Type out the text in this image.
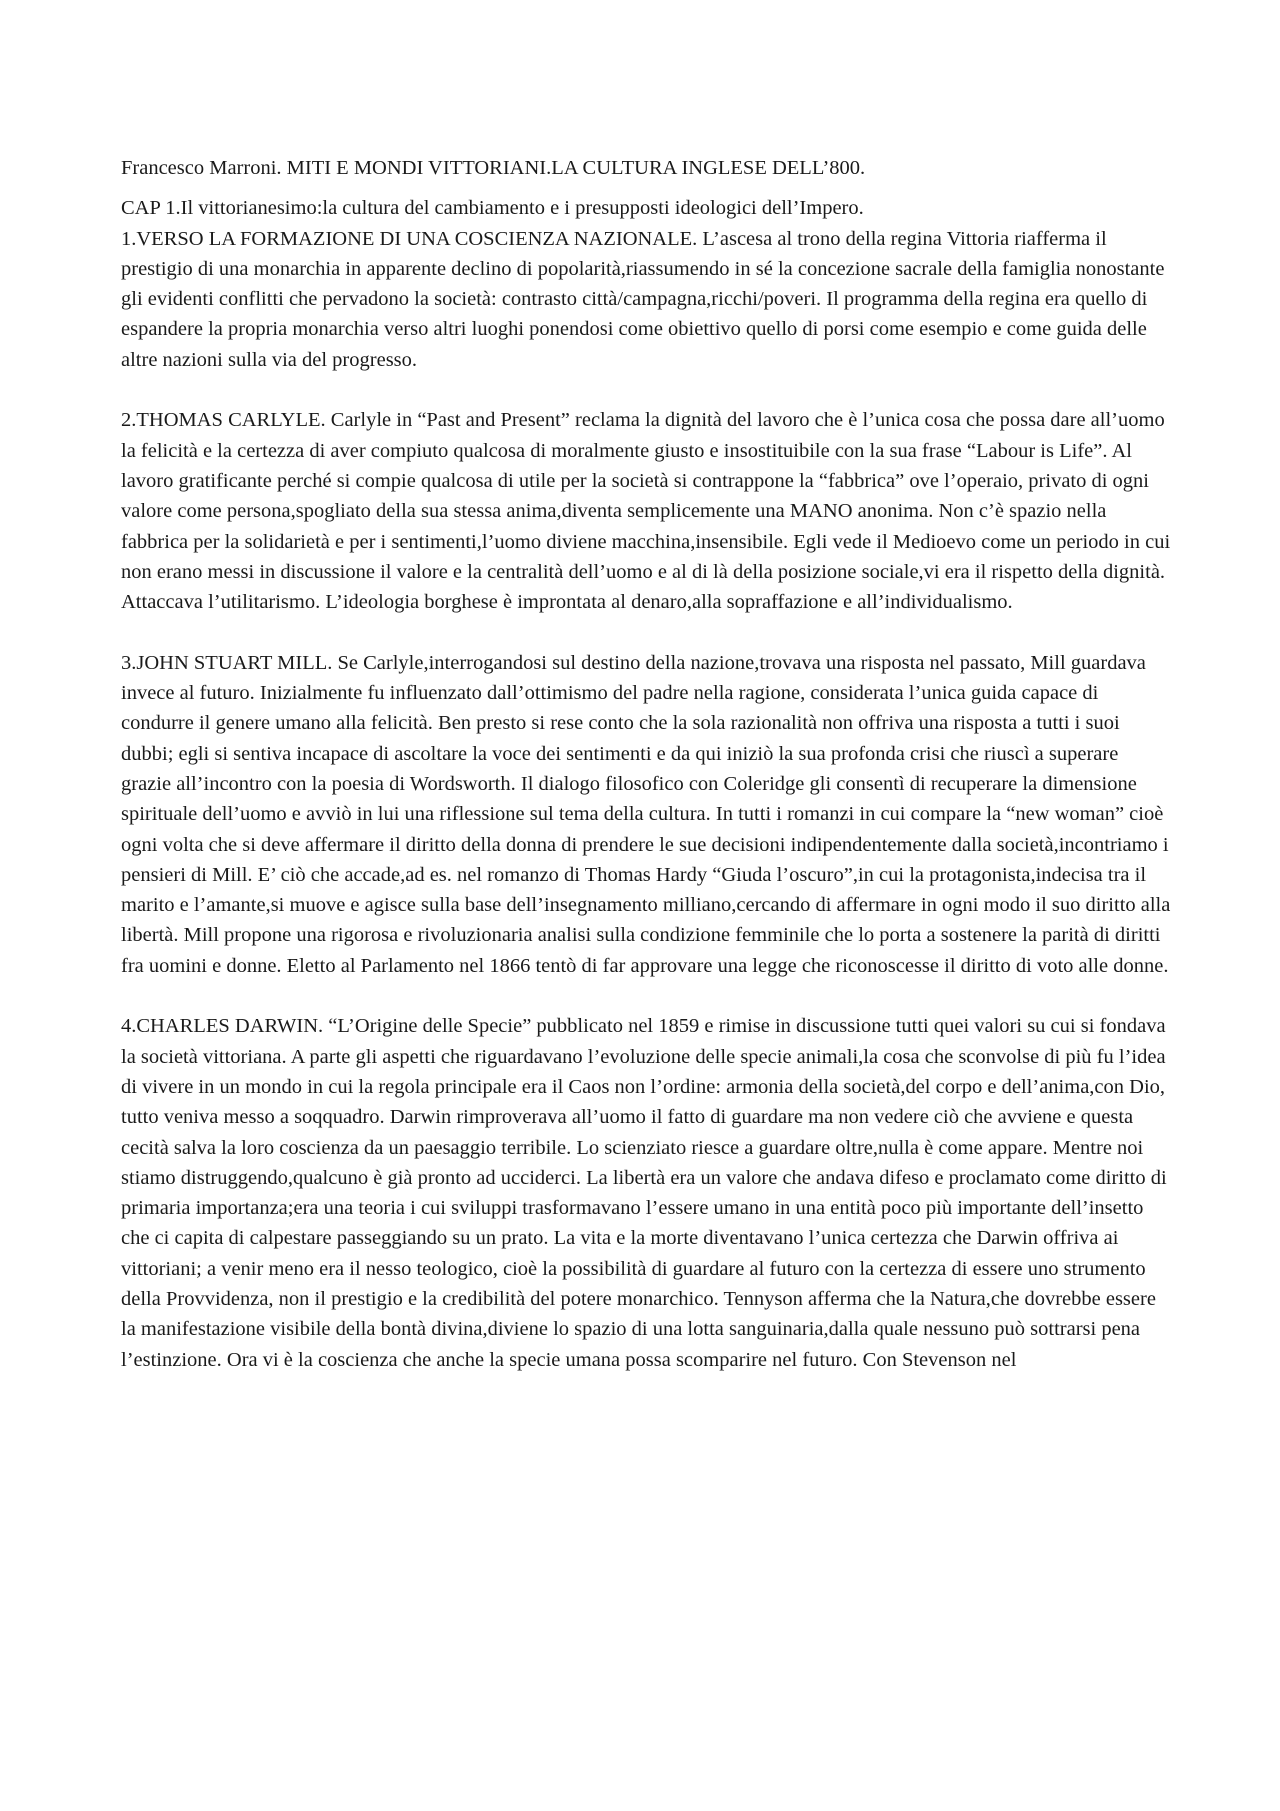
Francesco Marroni. MITI E MONDI VITTORIANI.LA CULTURA INGLESE DELL’800.

CAP 1.Il vittorianesimo:la cultura del cambiamento e i presupposti ideologici dell’Impero.

1.VERSO LA FORMAZIONE DI UNA COSCIENZA NAZIONALE. L’ascesa al trono della regina Vittoria riafferma il prestigio di una monarchia in apparente declino di popolarità,riassumendo in sé la concezione sacrale della famiglia nonostante gli evidenti conflitti che pervadono la società: contrasto città/campagna,ricchi/poveri. Il programma della regina era quello di espandere la propria monarchia verso altri luoghi ponendosi come obiettivo quello di porsi come esempio e come guida delle altre nazioni sulla via del progresso.

2.THOMAS CARLYLE. Carlyle in “Past and Present” reclama la dignità del lavoro che è l’unica cosa che possa dare all’uomo la felicità e la certezza di aver compiuto qualcosa di moralmente giusto e insostituibile con la sua frase “Labour is Life”. Al lavoro gratificante perché si compie qualcosa di utile per la società si contrappone la “fabbrica” ove l’operaio, privato di ogni valore come persona,spogliato della sua stessa anima,diventa semplicemente una MANO anonima. Non c’è spazio nella fabbrica per la solidarietà e per i sentimenti,l’uomo diviene macchina,insensibile. Egli vede il Medioevo come un periodo in cui non erano messi in discussione il valore e la centralità dell’uomo e al di là della posizione sociale,vi era il rispetto della dignità. Attaccava l’utilitarismo. L’ideologia borghese è improntata al denaro,alla sopraffazione e all’individualismo.

3.JOHN STUART MILL. Se Carlyle,interrogandosi sul destino della nazione,trovava una risposta nel passato, Mill guardava invece al futuro. Inizialmente fu influenzato dall’ottimismo del padre nella ragione, considerata l’unica guida capace di condurre il genere umano alla felicità. Ben presto si rese conto che la sola razionalità non offriva una risposta a tutti i suoi dubbi; egli si sentiva incapace di ascoltare la voce dei sentimenti e da qui iniziò la sua profonda crisi che riuscì a superare grazie all’incontro con la poesia di Wordsworth. Il dialogo filosofico con Coleridge gli consentì di recuperare la dimensione spirituale dell’uomo e avviò in lui una riflessione sul tema della cultura. In tutti i romanzi in cui compare la “new woman” cioè ogni volta che si deve affermare il diritto della donna di prendere le sue decisioni indipendentemente dalla società,incontriamo i pensieri di Mill. E’ ciò che accade,ad es. nel romanzo di Thomas Hardy “Giuda l’oscuro”,in cui la protagonista,indecisa tra il marito e l’amante,si muove e agisce sulla base dell’insegnamento milliano,cercando di affermare in ogni modo il suo diritto alla libertà. Mill propone una rigorosa e rivoluzionaria analisi sulla condizione femminile che lo porta a sostenere la parità di diritti fra uomini e donne. Eletto al Parlamento nel 1866 tentò di far approvare una legge che riconoscesse il diritto di voto alle donne.

4.CHARLES DARWIN. “L’Origine delle Specie” pubblicato nel 1859 e rimise in discussione tutti quei valori su cui si fondava la società vittoriana. A parte gli aspetti che riguardavano l’evoluzione delle specie animali,la cosa che sconvolse di più fu l’idea di vivere in un mondo in cui la regola principale era il Caos non l’ordine: armonia della società,del corpo e dell’anima,con Dio, tutto veniva messo a soqquadro. Darwin rimproverava all’uomo il fatto di guardare ma non vedere ciò che avviene e questa cecità salva la loro coscienza da un paesaggio terribile. Lo scienziato riesce a guardare oltre,nulla è come appare. Mentre noi stiamo distruggendo,qualcuno è già pronto ad ucciderci. La libertà era un valore che andava difeso e proclamato come diritto di primaria importanza;era una teoria i cui sviluppi trasformavano l’essere umano in una entità poco più importante dell’insetto che ci capita di calpestare passeggiando su un prato. La vita e la morte diventavano l’unica certezza che Darwin offriva ai vittoriani; a venir meno era il nesso teologico, cioè la possibilità di guardare al futuro con la certezza di essere uno strumento della Provvidenza, non il prestigio e la credibilità del potere monarchico. Tennyson afferma che la Natura,che dovrebbe essere la manifestazione visibile della bontà divina,diviene lo spazio di una lotta sanguinaria,dalla quale nessuno può sottrarsi pena l’estinzione. Ora vi è la coscienza che anche la specie umana possa scomparire nel futuro. Con Stevenson nel
